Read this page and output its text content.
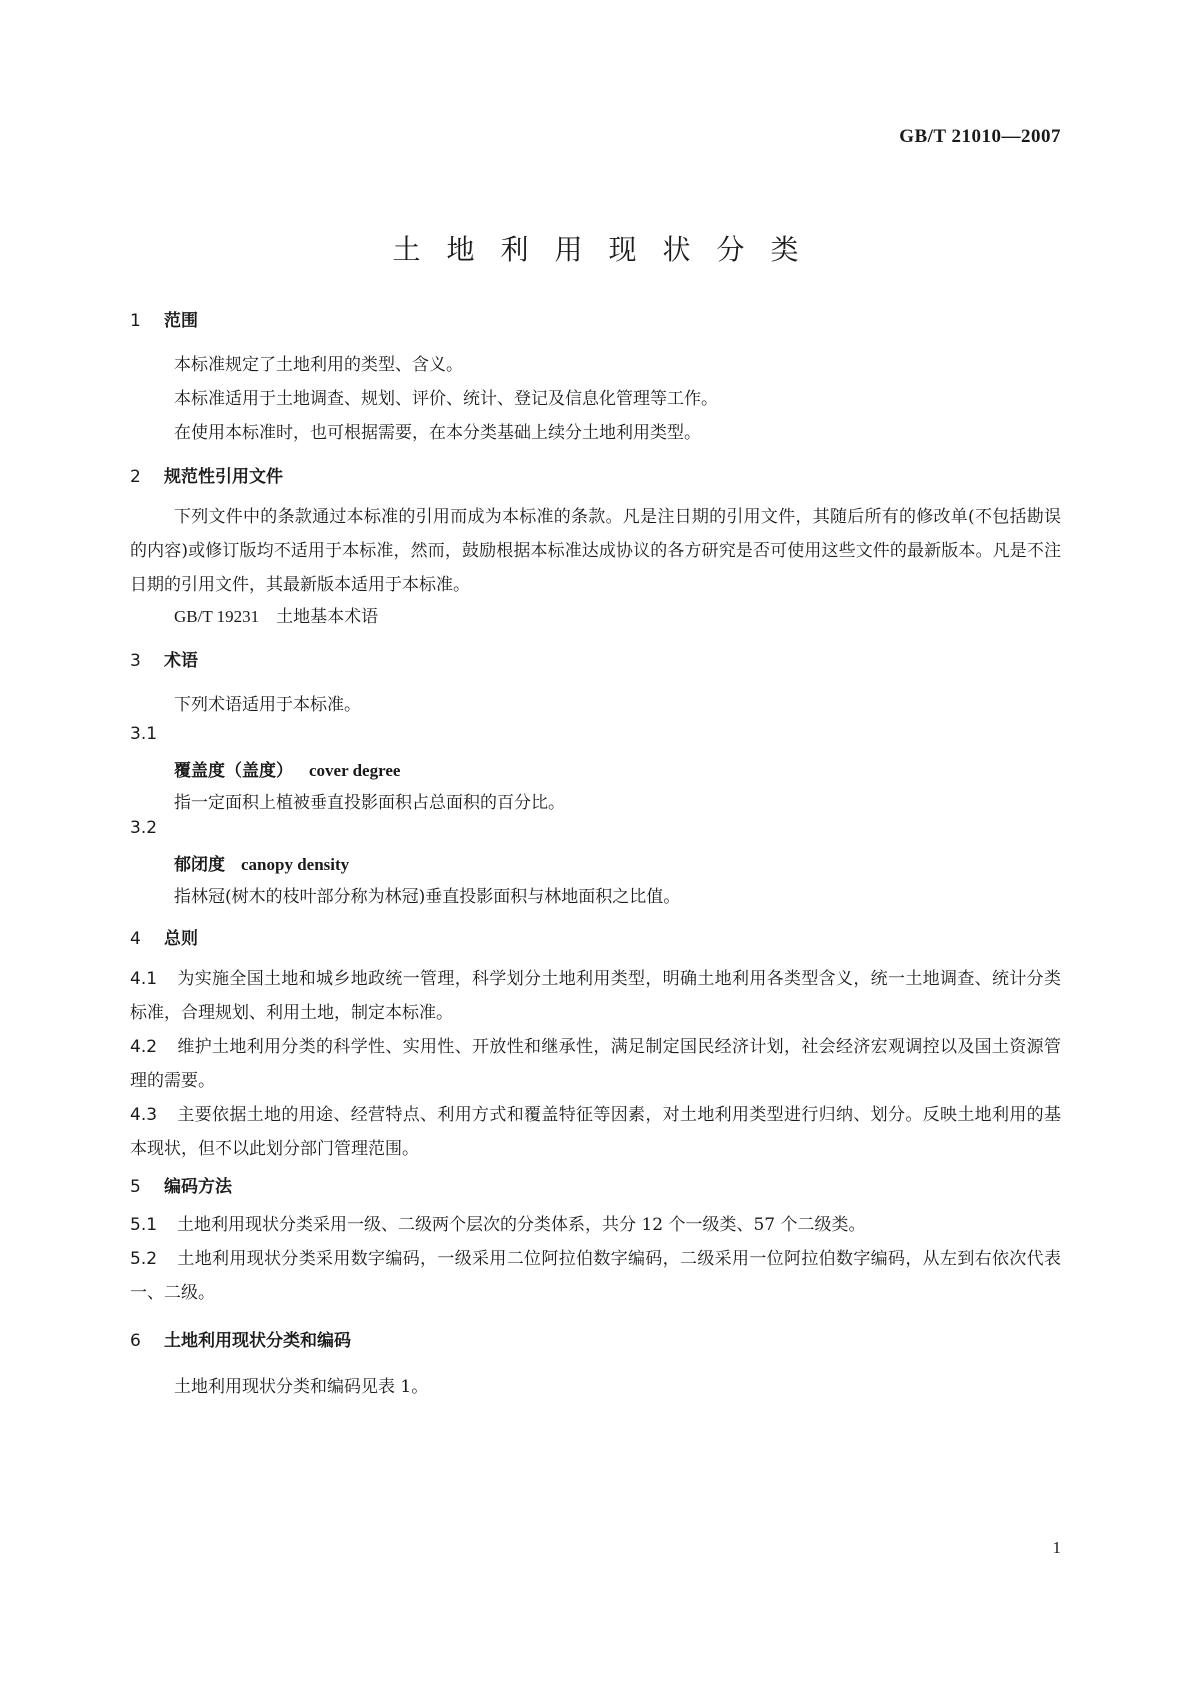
GB/T 21010—2007
土地利用现状分类
1 范围
本标准规定了土地利用的类型、含义。
本标准适用于土地调查、规划、评价、统计、登记及信息化管理等工作。
在使用本标准时，也可根据需要，在本分类基础上续分土地利用类型。
2 规范性引用文件
下列文件中的条款通过本标准的引用而成为本标准的条款。凡是注日期的引用文件，其随后所有的修改单(不包括勘误的内容)或修订版均不适用于本标准，然而，鼓励根据本标准达成协议的各方研究是否可使用这些文件的最新版本。凡是不注日期的引用文件，其最新版本适用于本标准。
GB/T 19231　土地基本术语
3 术语
下列术语适用于本标准。
3.1
覆盖度（盖度） cover degree
指一定面积上植被垂直投影面积占总面积的百分比。
3.2
郁闭度 canopy density
指林冠(树木的枝叶部分称为林冠)垂直投影面积与林地面积之比值。
4 总则
4.1 为实施全国土地和城乡地政统一管理，科学划分土地利用类型，明确土地利用各类型含义，统一土地调查、统计分类标准，合理规划、利用土地，制定本标准。
4.2 维护土地利用分类的科学性、实用性、开放性和继承性，满足制定国民经济计划，社会经济宏观调控以及国土资源管理的需要。
4.3 主要依据土地的用途、经营特点、利用方式和覆盖特征等因素，对土地利用类型进行归纳、划分。反映土地利用的基本现状，但不以此划分部门管理范围。
5 编码方法
5.1 土地利用现状分类采用一级、二级两个层次的分类体系，共分 12 个一级类、57 个二级类。
5.2 土地利用现状分类采用数字编码，一级采用二位阿拉伯数字编码，二级采用一位阿拉伯数字编码，从左到右依次代表一、二级。
6 土地利用现状分类和编码
土地利用现状分类和编码见表 1。
1
